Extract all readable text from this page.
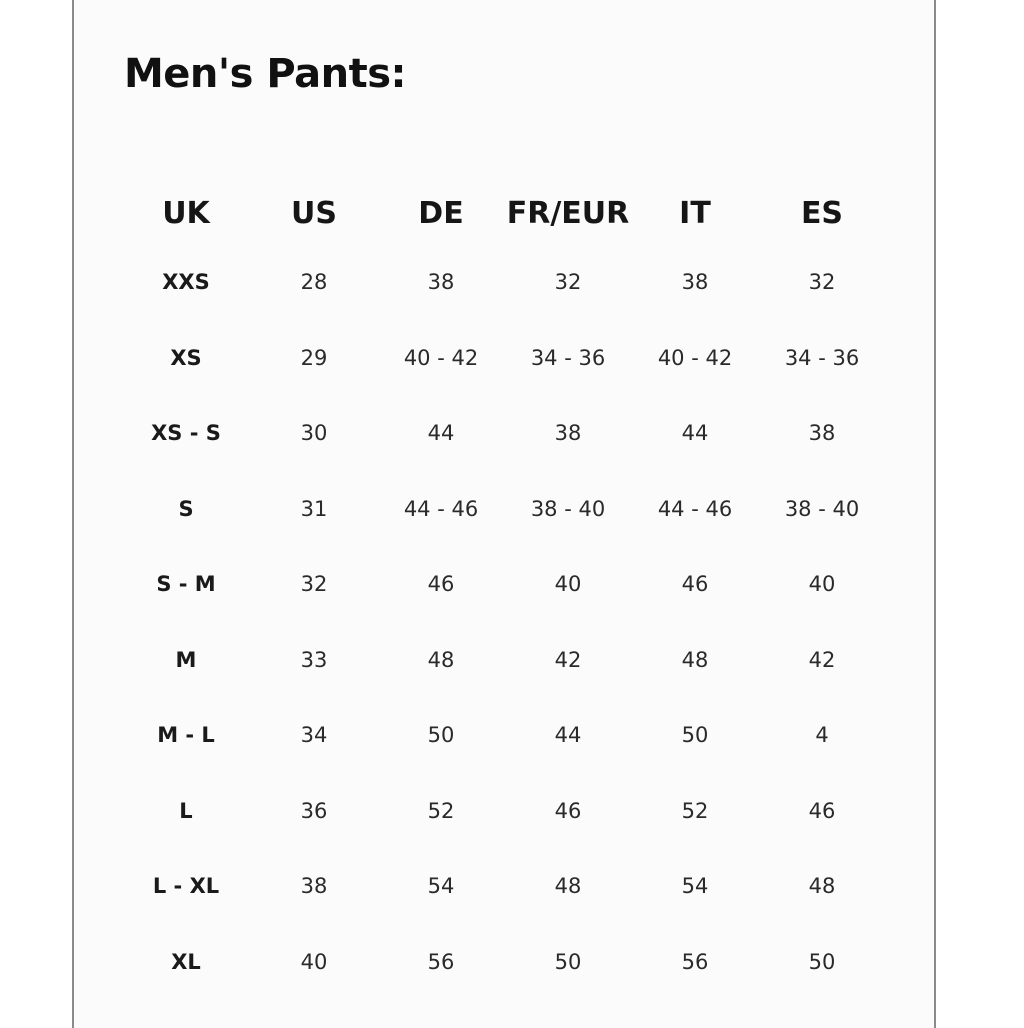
Men's Pants:
UK	US	DE	FR/EUR	IT	ES
XXS	28	38	32	38	32
XS	29	40 - 42	34 - 36	40 - 42	34 - 36
XS - S	30	44	38	44	38
S	31	44 - 46	38 - 40	44 - 46	38 - 40
S - M	32	46	40	46	40
M	33	48	42	48	42
M - L	34	50	44	50	4
L	36	52	46	52	46
L - XL	38	54	48	54	48
XL	40	56	50	56	50
